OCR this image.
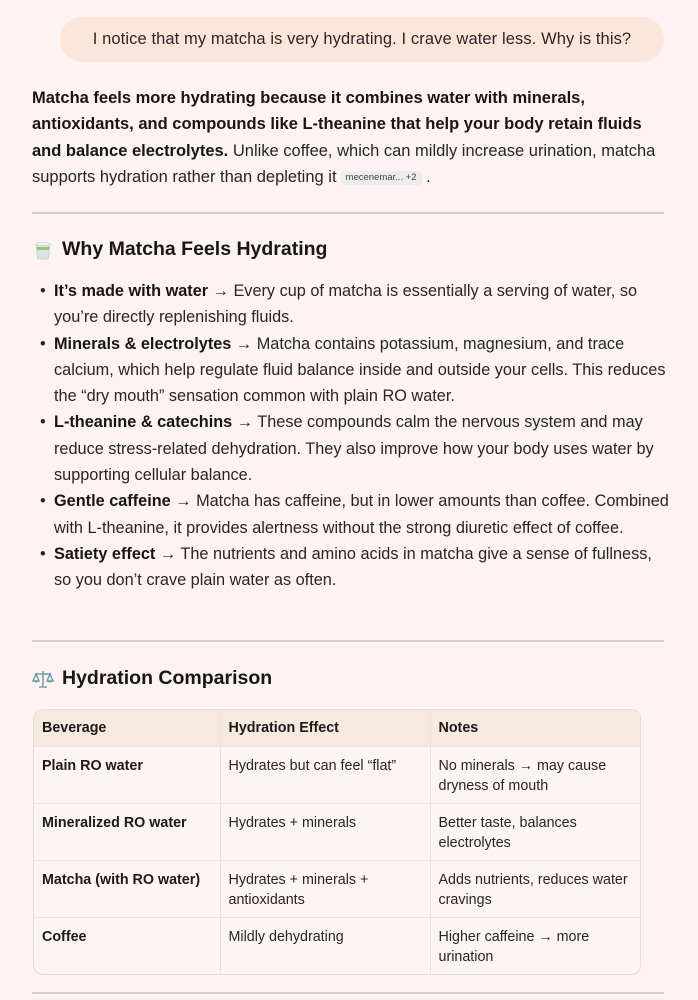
I notice that my matcha is very hydrating. I crave water less. Why is this?
Matcha feels more hydrating because it combines water with minerals, antioxidants, and compounds like L-theanine that help your body retain fluids and balance electrolytes. Unlike coffee, which can mildly increase urination, matcha supports hydration rather than depleting it mecenemar... +2 .
Why Matcha Feels Hydrating
• It’s made with water → Every cup of matcha is essentially a serving of water, so you’re directly replenishing fluids.
• Minerals & electrolytes → Matcha contains potassium, magnesium, and trace calcium, which help regulate fluid balance inside and outside your cells. This reduces the “dry mouth” sensation common with plain RO water.
• L-theanine & catechins → These compounds calm the nervous system and may reduce stress-related dehydration. They also improve how your body uses water by supporting cellular balance.
• Gentle caffeine → Matcha has caffeine, but in lower amounts than coffee. Combined with L-theanine, it provides alertness without the strong diuretic effect of coffee.
• Satiety effect → The nutrients and amino acids in matcha give a sense of fullness, so you don’t crave plain water as often.
Hydration Comparison
Beverage	Hydration Effect	Notes
Plain RO water	Hydrates but can feel “flat”	No minerals → may cause dryness of mouth
Mineralized RO water	Hydrates + minerals	Better taste, balances electrolytes
Matcha (with RO water)	Hydrates + minerals + antioxidants	Adds nutrients, reduces water cravings
Coffee	Mildly dehydrating	Higher caffeine → more urination
